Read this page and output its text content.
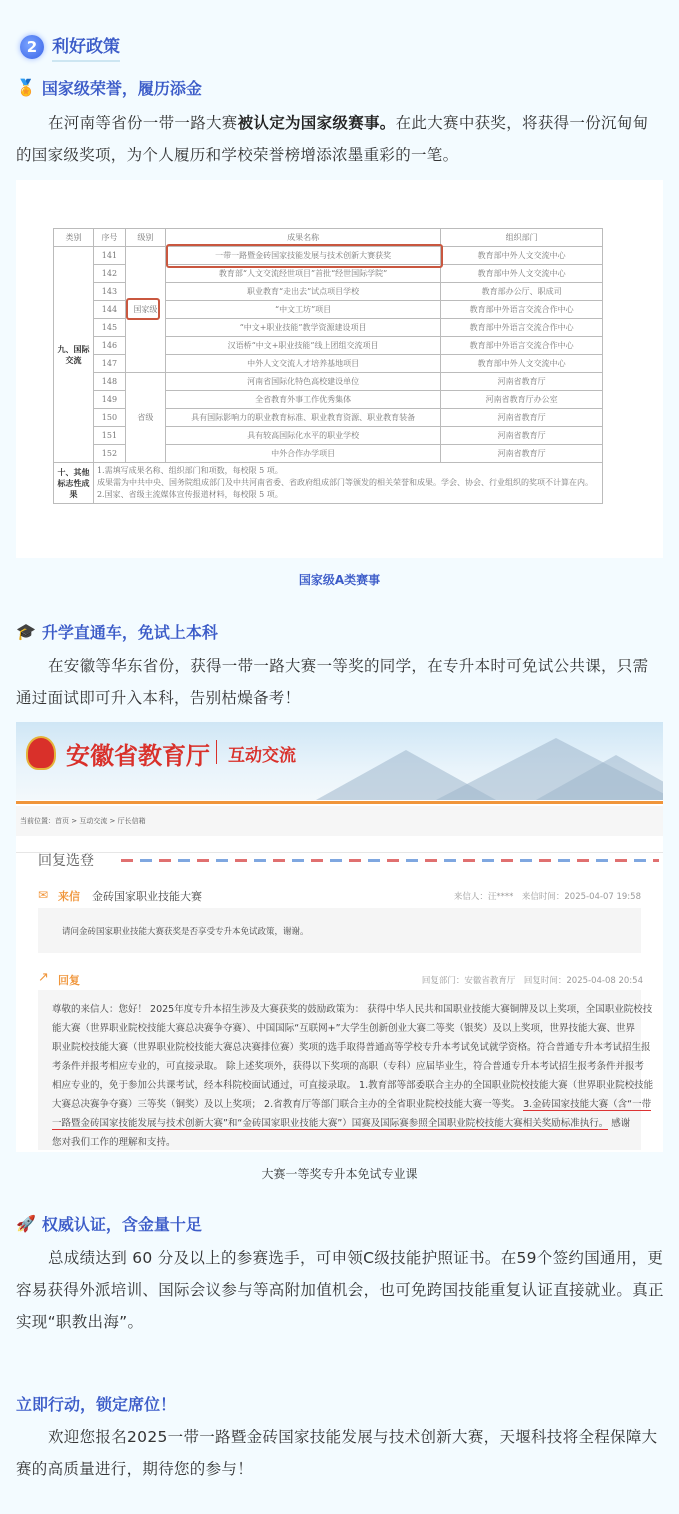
2 利好政策
🏅 国家级荣誉，履历添金
在河南等省份一带一路大赛被认定为国家级赛事。在此大赛中获奖，将获得一份沉甸甸的国家级奖项，为个人履历和学校荣誉榜增添浓墨重彩的一笔。
类别	序号	级别	成果名称	组织部门
九、国际交流	141	国家级	一带一路暨金砖国家技能发展与技术创新大赛获奖	教育部中外人文交流中心
	142		教育部“人文交流经世项目”首批“经世国际学院”	教育部中外人文交流中心
	143		职业教育“走出去”试点项目学校	教育部办公厅、职成司
	144		“中文工坊”项目	教育部中外语言交流合作中心
	145		“中文+职业技能”教学资源建设项目	教育部中外语言交流合作中心
	146		汉语桥“中文+职业技能”线上团组交流项目	教育部中外语言交流合作中心
	147		中外人文交流人才培养基地项目	教育部中外人文交流中心
	148	省级	河南省国际化特色高校建设单位	河南省教育厅
	149		全省教育外事工作优秀集体	河南省教育厅办公室
	150		具有国际影响力的职业教育标准、职业教育资源、职业教育装备	河南省教育厅
	151		具有较高国际化水平的职业学校	河南省教育厅
	152		中外合作办学项目	河南省教育厅
十、其他标志性成果	1.需填写成果名称、组织部门和项数，每校限 5 项。
成果需为中共中央、国务院组成部门及中共河南省委、省政府组成部门等颁发的相关荣誉和成果。学会、协会、行业组织的奖项不计算在内。
2.国家、省级主流媒体宣传报道材料，每校限 5 项。			
国家级A类赛事
🎓 升学直通车，免试上本科
在安徽等华东省份，获得一带一路大赛一等奖的同学，在专升本时可免试公共课，只需通过面试即可升入本科，告别枯燥备考！
安徽省教育厅 互动交流
当前位置：首页 > 互动交流 > 厅长信箱
回复选登
✉ 来信 金砖国家职业技能大赛	来信人：汪****　来信时间：2025-04-07 19:58
请问金砖国家职业技能大赛获奖是否享受专升本免试政策，谢谢。
↗ 回复	回复部门：安徽省教育厅　回复时间：2025-04-08 20:54
尊敬的来信人：您好！ 2025年度专升本招生涉及大赛获奖的鼓励政策为： 获得中华人民共和国职业技能大赛铜牌及以上奖项，全国职业院校技
能大赛（世界职业院校技能大赛总决赛争夺赛）、中国国际“互联网+”大学生创新创业大赛二等奖（银奖）及以上奖项，世界技能大赛、世界
职业院校技能大赛（世界职业院校技能大赛总决赛排位赛）奖项的选手取得普通高等学校专升本考试免试就学资格。符合普通专升本考试招生报
考条件并报考相应专业的，可直接录取。 除上述奖项外，获得以下奖项的高职（专科）应届毕业生，符合普通专升本考试招生报考条件并报考
相应专业的，免于参加公共课考试，经本科院校面试通过，可直接录取。 1.教育部等部委联合主办的全国职业院校技能大赛（世界职业院校技能
大赛总决赛争夺赛）三等奖（铜奖）及以上奖项； 2.省教育厅等部门联合主办的全省职业院校技能大赛一等奖。 3.金砖国家技能大赛（含“一带
一路暨金砖国家技能发展与技术创新大赛”和“金砖国家职业技能大赛”）国赛及国际赛参照全国职业院校技能大赛相关奖励标准执行。 感谢
您对我们工作的理解和支持。
大赛一等奖专升本免试专业课
🚀 权威认证，含金量十足
总成绩达到 60 分及以上的参赛选手，可申领C级技能护照证书。在59个签约国通用，更容易获得外派培训、国际会议参与等高附加值机会，也可免跨国技能重复认证直接就业。真正实现“职教出海”。
立即行动，锁定席位！
欢迎您报名2025一带一路暨金砖国家技能发展与技术创新大赛，天堰科技将全程保障大赛的高质量进行，期待您的参与！
